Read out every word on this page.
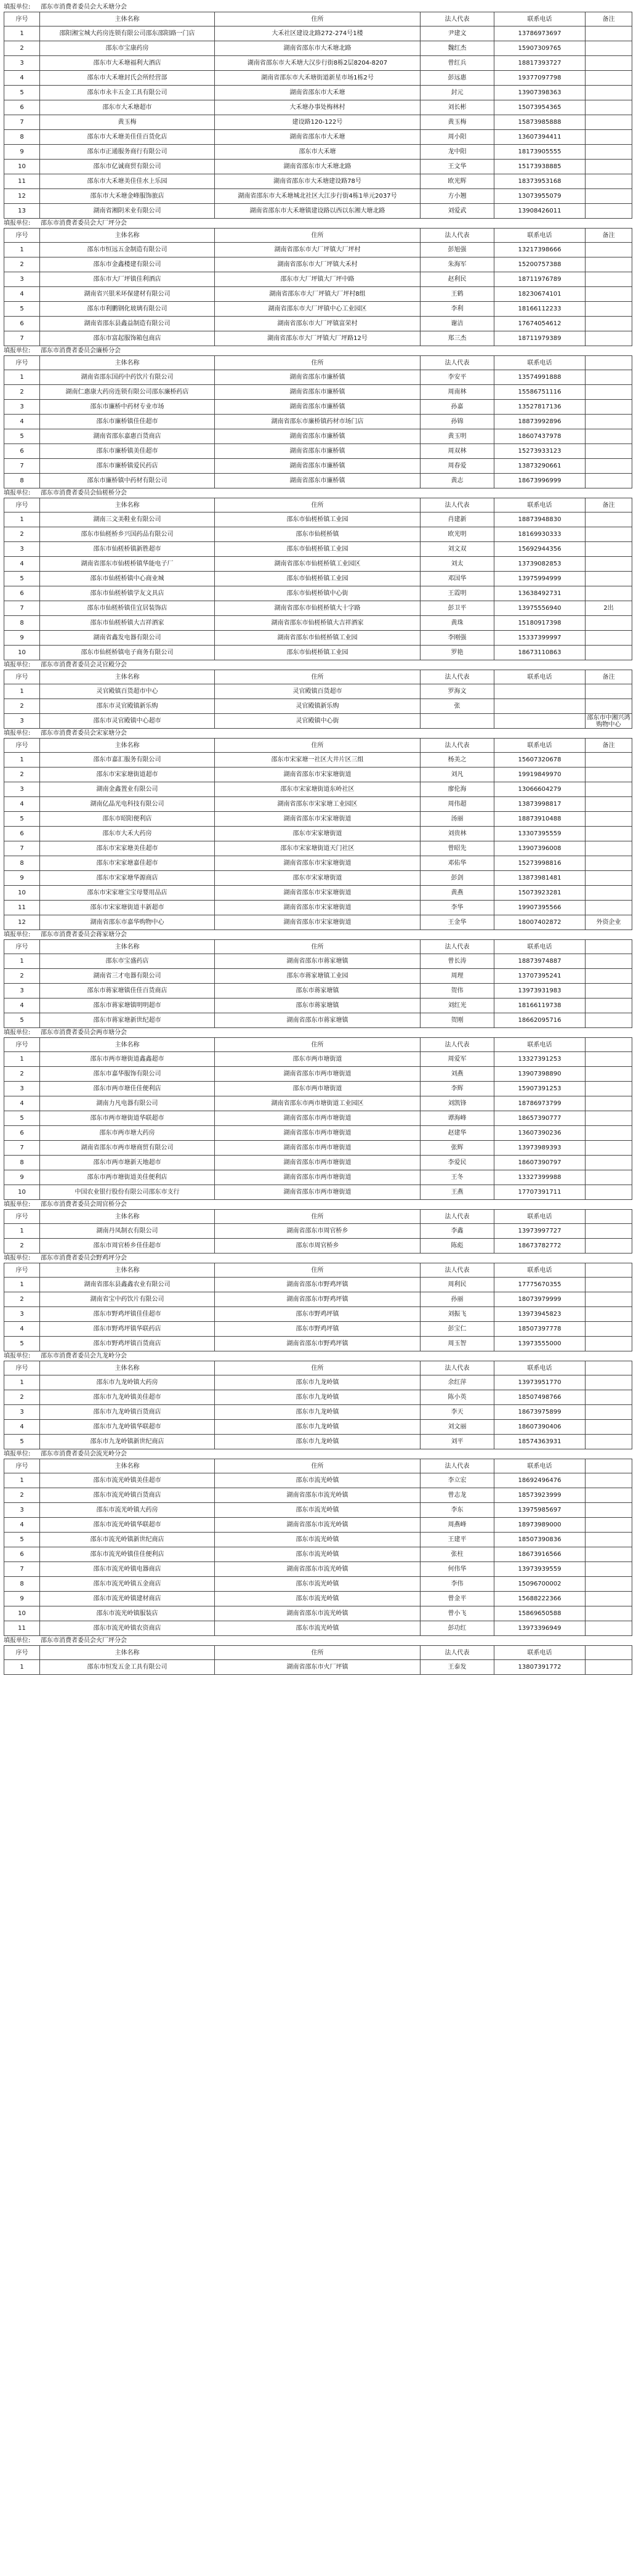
填报单位: 邵东市消费者委员会大禾塘分会
序号	主体名称	住所	法人代表	联系电话	备注
1	邵阳湘宝城大药房连锁有限公司邵东邵阳路一门店	大禾社区建设北路272-274号1楼	尹建文	13786973697	
2	邵东市宝康药房	湖南省邵东市大禾塘北路	魏红杰	15907309765	
3	邵东市大禾塘福利大酒店	湖南省邵东市大禾塘大汉步行街8栋2层8204-8207	曾红兵	18817393727	
4	邵东市大禾塘封氏会所经营部	湖南省邵东市大禾塘街道新星市场1栋2号	彭远惠	19377097798	
5	邵东市永丰五金工具有限公司	湖南省邵东市大禾塘	封元	13907398363	
6	邵东市大禾塘超市	大禾塘办事处梅林村	刘长彬	15073954365	
7	黄玉梅	建设路120-122号	黄玉梅	15873985888	
8	邵东市大禾塘美佳佳百货化店	湖南省邵东市大禾塘	周小阳	13607394411	
9	邵东市正通服务商行有限公司	邵东市大禾塘	龙中阳	18173905555	
10	邵东市亿诚商贸有限公司	湖南省邵东市大禾塘北路	王文华	15173938885	
11	邵东市大禾塘美佳佳水上乐园	湖南省邵东市大禾塘建设路78号	欧光辉	18373953168	
12	邵东市大禾塘金峰服饰旅店	湖南省邵东市大禾塘城北社区大江步行街4栋1单元2037号	方小翘	13073955079	
13	湖南省湘阴米业有限公司	湖南省邵东市大禾塘镇建设路以西以东湘大塘北路	刘爱武	13908426011	
填报单位: 邵东市消费者委员会大厂坪分会
序号	主体名称	住所	法人代表	联系电话	备注
1	邵东市恒远五金制造有限公司	湖南省邵东市大厂坪镇大厂坪村	彭旭强	13217398666	
2	邵东市金鑫楼建有限公司	湖南省邵东市大厂坪镇大禾村	朱海军	15200757388	
3	邵东市大厂坪镇佳利酒店	邵东市大厂坪镇大厂坪中路	赵利民	18711976789	
4	湖南省兴银米环保建材有限公司	湖南省邵东市大厂坪镇大厂坪村8组	王鹤	18230674101	
5	邵东市利鹏钢化玻璃有限公司	湖南省邵东市大厂坪镇中心工业园区	李利	18166112233	
6	湖南省邵东县鑫益制造有限公司	湖南省邵东市大厂坪镇富荣村	谢洁	17674054612	
7	邵东市富起服饰箱包商店	湖南省邵东市大厂坪镇大厂坪路12号	郑三杰	18711979389	
填报单位: 邵东市消费者委员会廉桥分会
序号	主体名称	住所	法人代表	联系电话	
1	湖南省邵东国药中药饮片有限公司	湖南省邵东市廉桥镇	李安平	13574991888	
2	湖南仁惠康大药房连锁有限公司邵东廉桥药店	湖南省邵东市廉桥镇	周南林	15586751116	
3	邵东市廉桥中药材专业市场	湖南省邵东市廉桥镇	孙嘉	13527817136	
4	邵东市廉桥镇佳佳超市	湖南省邵东市廉桥镇药材市场门店	孙锦	18873992896	
5	湖南省邵东嘉惠百货商店	湖南省邵东市廉桥镇	黄玉明	18607437978	
6	邵东市廉桥镇美佳超市	湖南省邵东市廉桥镇	周双林	15273933123	
7	邵东市廉桥镇爱民药店	湖南省邵东市廉桥镇	周春爱	13873290661	
8	邵东市廉桥镇中药材有限公司	湖南省邵东市廉桥镇	黄志	18673996999	
填报单位: 邵东市消费者委员会仙槎桥分会
序号	主体名称	住所	法人代表	联系电话	备注
1	湖南三文美鞋业有限公司	邵东市仙槎桥镇工业园	肖建新	18873948830	
2	邵东市仙槎桥乡兴国药品有限公司	邵东市仙槎桥镇	欧光明	18169930333	
3	邵东市仙槎桥镇新胜超市	邵东市仙槎桥镇工业园	刘文双	15692944356	
4	湖南省邵东市仙槎桥镇华能电子厂	湖南省邵东市仙槎桥镇工业园区	刘太	13739082853	
5	邵东市仙槎桥镇中心商业城	邵东市仙槎桥镇工业园	邓国华	13975994999	
6	邵东市仙槎桥镇学友文具店	邵东市仙槎桥镇中心街	王霞明	13638492731	
7	邵东市仙槎桥镇佳宜居装饰店	湖南省邵东市仙槎桥镇大十字路	彭卫平	13975556940	2出
8	邵东市仙槎桥镇大吉祥酒家	湖南省邵东市仙槎桥镇大吉祥酒家	黄珠	15180917398	
9	湖南省鑫发电器有限公司	湖南省邵东市仙槎桥镇工业园	李刚强	15337399997	
10	邵东市仙槎桥镇电子商务有限公司	邵东市仙槎桥镇工业园	罗艳	18673110863	
填报单位: 邵东市消费者委员会灵官殿分会
序号	主体名称	住所	法人代表	联系电话	备注
1	灵官殿镇百货超市中心	灵官殿镇百货超市	罗海文		
2	邵东市灵官殿镇新乐购	灵官殿镇新乐购	张		
3	邵东市灵官殿镇中心超市	灵官殿镇中心街			邵东市中湘兴鸿购物中心
填报单位: 邵东市消费者委员会宋家塘分会
序号	主体名称	住所	法人代表	联系电话	备注
1	邵东市嘉汇服务有限公司	邵东市宋家塘一社区大井片区三组	杨美之	15607320678	
2	邵东市宋家塘街道超市	湖南省邵东市宋家塘街道	刘凡	19919849970	
3	湖南金鑫置业有限公司	邵东市宋家塘街道东岭社区	廖伦海	13066604279	
4	湖南亿晶光电科技有限公司	湖南省邵东市宋家塘工业园区	周伟超	13873998817	
5	邵东市昭阳便利店	湖南省邵东市宋家塘街道	汤丽	18873910488	
6	邵东市大禾大药房	邵东市宋家塘街道	刘贵林	13307395559	
7	邵东市宋家塘美佳超市	邵东市宋家塘街道天门社区	曾昭先	13907396008	
8	邵东市宋家塘嘉佳超市	湖南省邵东市宋家塘街道	邓佑华	15273998816	
9	邵东市宋家塘华源商店	邵东市宋家塘街道	彭剑	13873981481	
10	邵东市宋家塘宝宝母婴用品店	湖南省邵东市宋家塘街道	黄燕	15073923281	
11	邵东市宋家塘街道丰新超市	湖南省邵东市宋家塘街道	李华	19907395566	
12	湖南省邵东市嘉华购物中心	湖南省邵东市宋家塘街道	王金华	18007402872	外资企业
填报单位: 邵东市消费者委员会蒋家塘分会
序号	主体名称	住所	法人代表	联系电话	
1	邵东市宝盛药店	湖南省邵东市蒋家塘镇	曾长涛	18873974887	
2	湖南省三才电器有限公司	邵东市蒋家塘镇工业园	周理	13707395241	
3	邵东市蒋家塘镇佳佳百货商店	邵东市蒋家塘镇	贺伟	13973931983	
4	邵东市蒋家塘镇明明超市	邵东市蒋家塘镇	刘红光	18166119738	
5	邵东市蒋家塘新世纪超市	湖南省邵东市蒋家塘镇	贺刚	18662095716	
填报单位: 邵东市消费者委员会两市塘分会
序号	主体名称	住所	法人代表	联系电话	
1	邵东市两市塘街道鑫鑫超市	邵东市两市塘街道	周爱军	13327391253	
2	邵东市嘉华服饰有限公司	湖南省邵东市两市塘街道	刘燕	13907398890	
3	邵东市两市塘佳佳便利店	邵东市两市塘街道	李辉	15907391253	
4	湖南力凡电器有限公司	湖南省邵东市两市塘街道工业园区	刘凯锋	18786973799	
5	邵东市两市塘街道华联超市	湖南省邵东市两市塘街道	谭海峰	18657390777	
6	邵东市两市塘大药房	湖南省邵东市两市塘街道	赵建华	13607390236	
7	湖南省邵东市两市塘商贸有限公司	湖南省邵东市两市塘街道	张辉	13973989393	
8	邵东市两市塘新天地超市	湖南省邵东市两市塘街道	李爱民	18607390797	
9	邵东市两市塘街道美佳便利店	湖南省邵东市两市塘街道	王冬	13327399988	
10	中国农业银行股份有限公司邵东市支行	湖南省邵东市两市塘街道	王燕	17707391711	
填报单位: 邵东市消费者委员会周官桥分会
序号	主体名称	住所	法人代表	联系电话	
1	湖南丹凤制衣有限公司	湖南省邵东市周官桥乡	李鑫	13973997727	
2	邵东市周官桥乡佳佳超市	邵东市周官桥乡	陈彪	18673782772	
填报单位: 邵东市消费者委员会野鸡坪分会
序号	主体名称	住所	法人代表	联系电话	
1	湖南省邵东县鑫鑫农业有限公司	湖南省邵东市野鸡坪镇	周利民	17775670355	
2	湖南省宝中药饮片有限公司	湖南省邵东市野鸡坪镇	孙丽	18073979999	
3	邵东市野鸡坪镇佳佳超市	邵东市野鸡坪镇	刘振飞	13973945823	
4	邵东市野鸡坪镇华联药店	邵东市野鸡坪镇	彭宝仁	18507397778	
5	邵东市野鸡坪镇百货商店	湖南省邵东市野鸡坪镇	周玉智	13973555000	
填报单位: 邵东市消费者委员会九龙岭分会
序号	主体名称	住所	法人代表	联系电话	
1	邵东市九龙岭镇大药房	邵东市九龙岭镇	余红萍	13973951770	
2	邵东市九龙岭镇美佳超市	邵东市九龙岭镇	陈小英	18507498766	
3	邵东市九龙岭镇百货商店	邵东市九龙岭镇	李天	18673975899	
4	邵东市九龙岭镇华联超市	邵东市九龙岭镇	刘文丽	18607390406	
5	邵东市九龙岭镇新世纪商店	邵东市九龙岭镇	刘平	18574363931	
填报单位: 邵东市消费者委员会流光岭分会
序号	主体名称	住所	法人代表	联系电话	
1	邵东市流光岭镇美佳超市	邵东市流光岭镇	李立宏	18692496476	
2	邵东市流光岭镇百货商店	湖南省邵东市流光岭镇	曾志龙	18573923999	
3	邵东市流光岭镇大药房	邵东市流光岭镇	李东	13975985697	
4	邵东市流光岭镇华联超市	湖南省邵东市流光岭镇	周燕峰	18973989000	
5	邵东市流光岭镇新世纪商店	邵东市流光岭镇	王建平	18507390836	
6	邵东市流光岭镇佳佳便利店	邵东市流光岭镇	张柱	18673916566	
7	邵东市流光岭镇电器商店	湖南省邵东市流光岭镇	何伟华	13973939559	
8	邵东市流光岭镇五金商店	邵东市流光岭镇	李伟	15096700002	
9	邵东市流光岭镇建材商店	邵东市流光岭镇	曾金平	15688222366	
10	邵东市流光岭镇服装店	湖南省邵东市流光岭镇	曾小飞	15869650588	
11	邵东市流光岭镇农资商店	邵东市流光岭镇	彭功红	13973396949	
填报单位: 邵东市消费者委员会火厂坪分会
序号	主体名称	住所	法人代表	联系电话	
1	邵东市恒发五金工具有限公司	湖南省邵东市火厂坪镇	王泰发	13807391772	
